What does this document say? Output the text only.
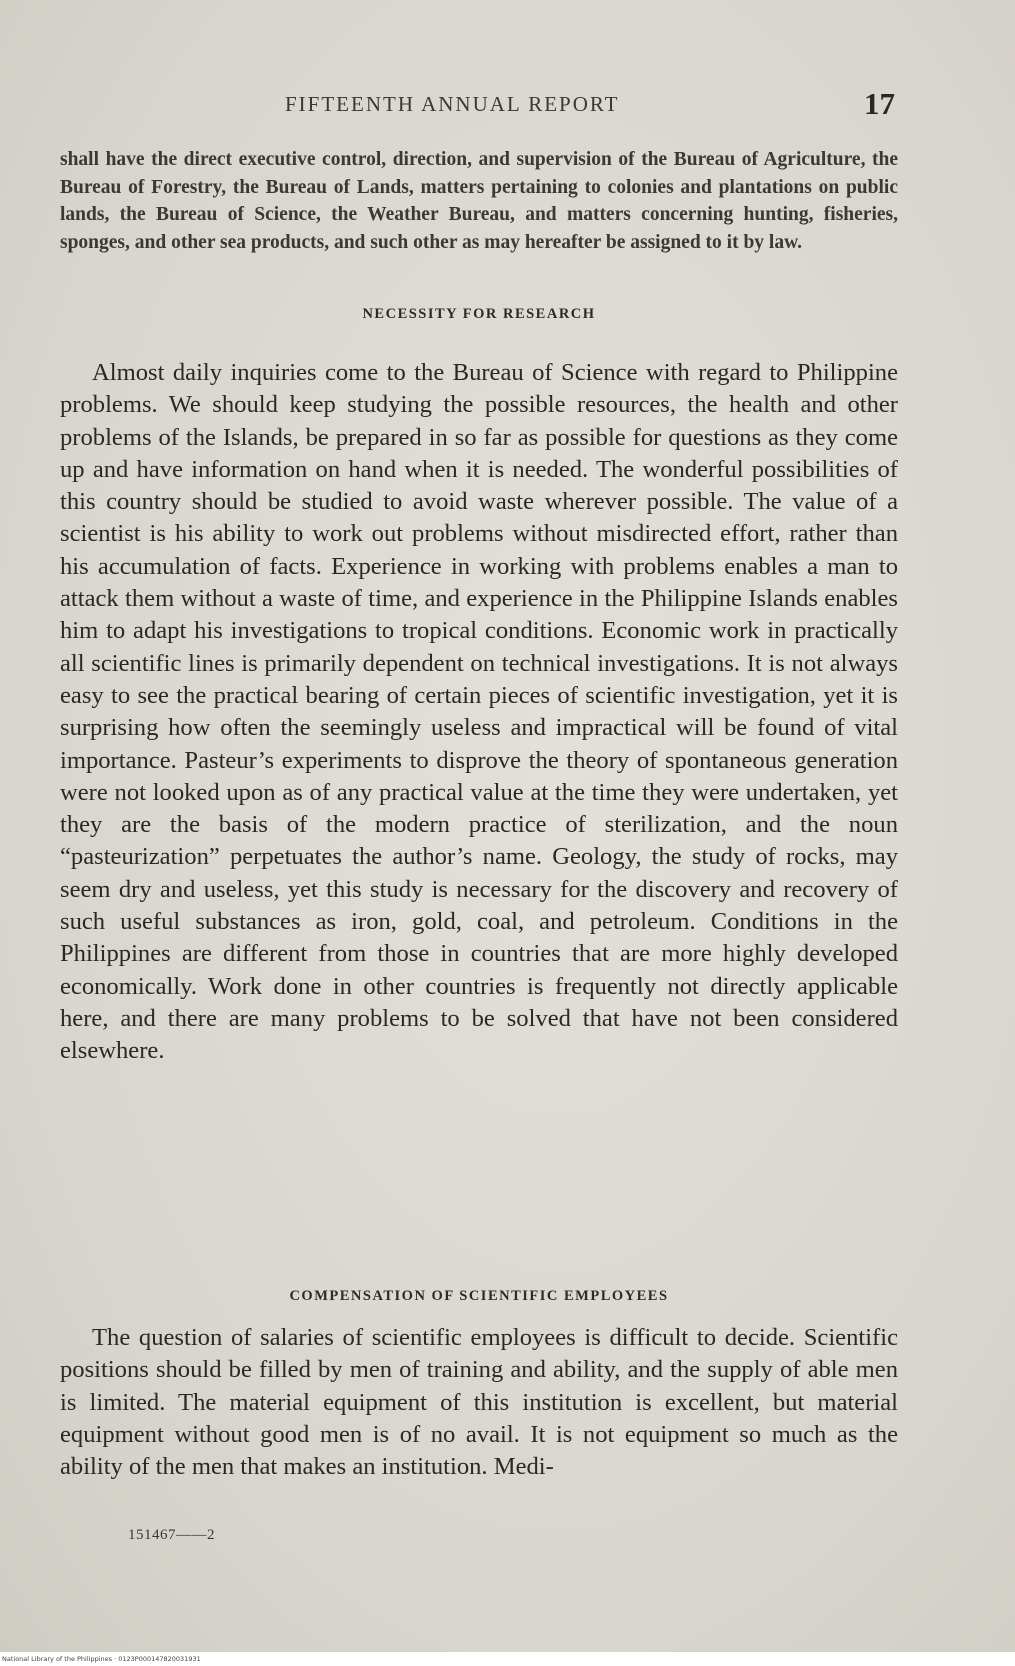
FIFTEENTH ANNUAL REPORT	17

shall have the direct executive control, direction, and supervision of the Bureau of Agriculture, the Bureau of Forestry, the Bureau of Lands, matters pertaining to colonies and plantations on public lands, the Bureau of Science, the Weather Bureau, and matters concerning hunting, fisheries, sponges, and other sea products, and such other as may hereafter be assigned to it by law.

NECESSITY FOR RESEARCH

Almost daily inquiries come to the Bureau of Science with regard to Philippine problems. We should keep studying the possible resources, the health and other problems of the Islands, be prepared in so far as possible for questions as they come up and have information on hand when it is needed. The wonderful possibilities of this country should be studied to avoid waste wherever possible. The value of a scientist is his ability to work out problems without misdirected effort, rather than his accumulation of facts. Experience in working with problems enables a man to attack them without a waste of time, and experience in the Philippine Islands enables him to adapt his investigations to tropical conditions. Economic work in practically all scientific lines is primarily dependent on technical investigations. It is not always easy to see the practical bearing of certain pieces of scientific investigation, yet it is surprising how often the seemingly useless and impractical will be found of vital importance. Pasteur’s experiments to disprove the theory of spontaneous generation were not looked upon as of any practical value at the time they were undertaken, yet they are the basis of the modern practice of sterilization, and the noun “pasteurization” perpetuates the author’s name. Geology, the study of rocks, may seem dry and useless, yet this study is necessary for the discovery and recovery of such useful substances as iron, gold, coal, and petroleum. Conditions in the Philippines are different from those in countries that are more highly developed economically. Work done in other countries is frequently not directly applicable here, and there are many problems to be solved that have not been considered elsewhere.

COMPENSATION OF SCIENTIFIC EMPLOYEES

The question of salaries of scientific employees is difficult to decide. Scientific positions should be filled by men of training and ability, and the supply of able men is limited. The material equipment of this institution is excellent, but material equipment without good men is of no avail. It is not equipment so much as the ability of the men that makes an institution. Medi-

151467——2
National Library of the Philippines · 0123P000147820031931
